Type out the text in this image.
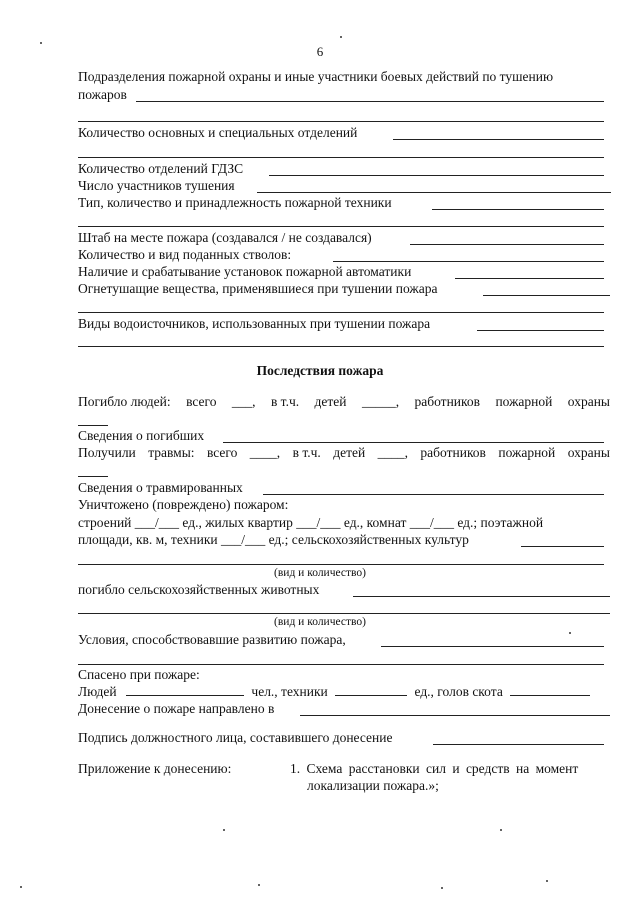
6
Подразделения пожарной охраны и иные участники боевых действий по тушению
пожаров
Количество основных и специальных отделений
Количество отделений ГДЗС
Число участников тушения
Тип, количество и принадлежность пожарной техники
Штаб на месте пожара (создавался / не создавался)
Количество и вид поданных стволов:
Наличие и срабатывание установок пожарной автоматики
Огнетушащие вещества, применявшиеся при тушении пожара
Виды водоисточников, использованных при тушении пожара
Последствия пожара
Погибло людей: всего ___, в т.ч. детей _____, работников пожарной охраны
Сведения о погибших
Получили травмы: всего ____, в т.ч. детей ____, работников пожарной охраны
Сведения о травмированных
Уничтожено (повреждено) пожаром:
строений ___/___ ед., жилых квартир ___/___ ед., комнат ___/___ ед.; поэтажной
площади, кв. м, техники ___/___ ед.; сельскохозяйственных культур
(вид и количество)
погибло сельскохозяйственных животных
(вид и количество)
Условия, способствовавшие развитию пожара,
Спасено при пожаре:
Людей	чел., техники	ед., голов скота
Донесение о пожаре направлено в
Подпись должностного лица, составившего донесение
Приложение к донесению:	1. Схема расстановки сил и средств на момент
локализации пожара.»;
